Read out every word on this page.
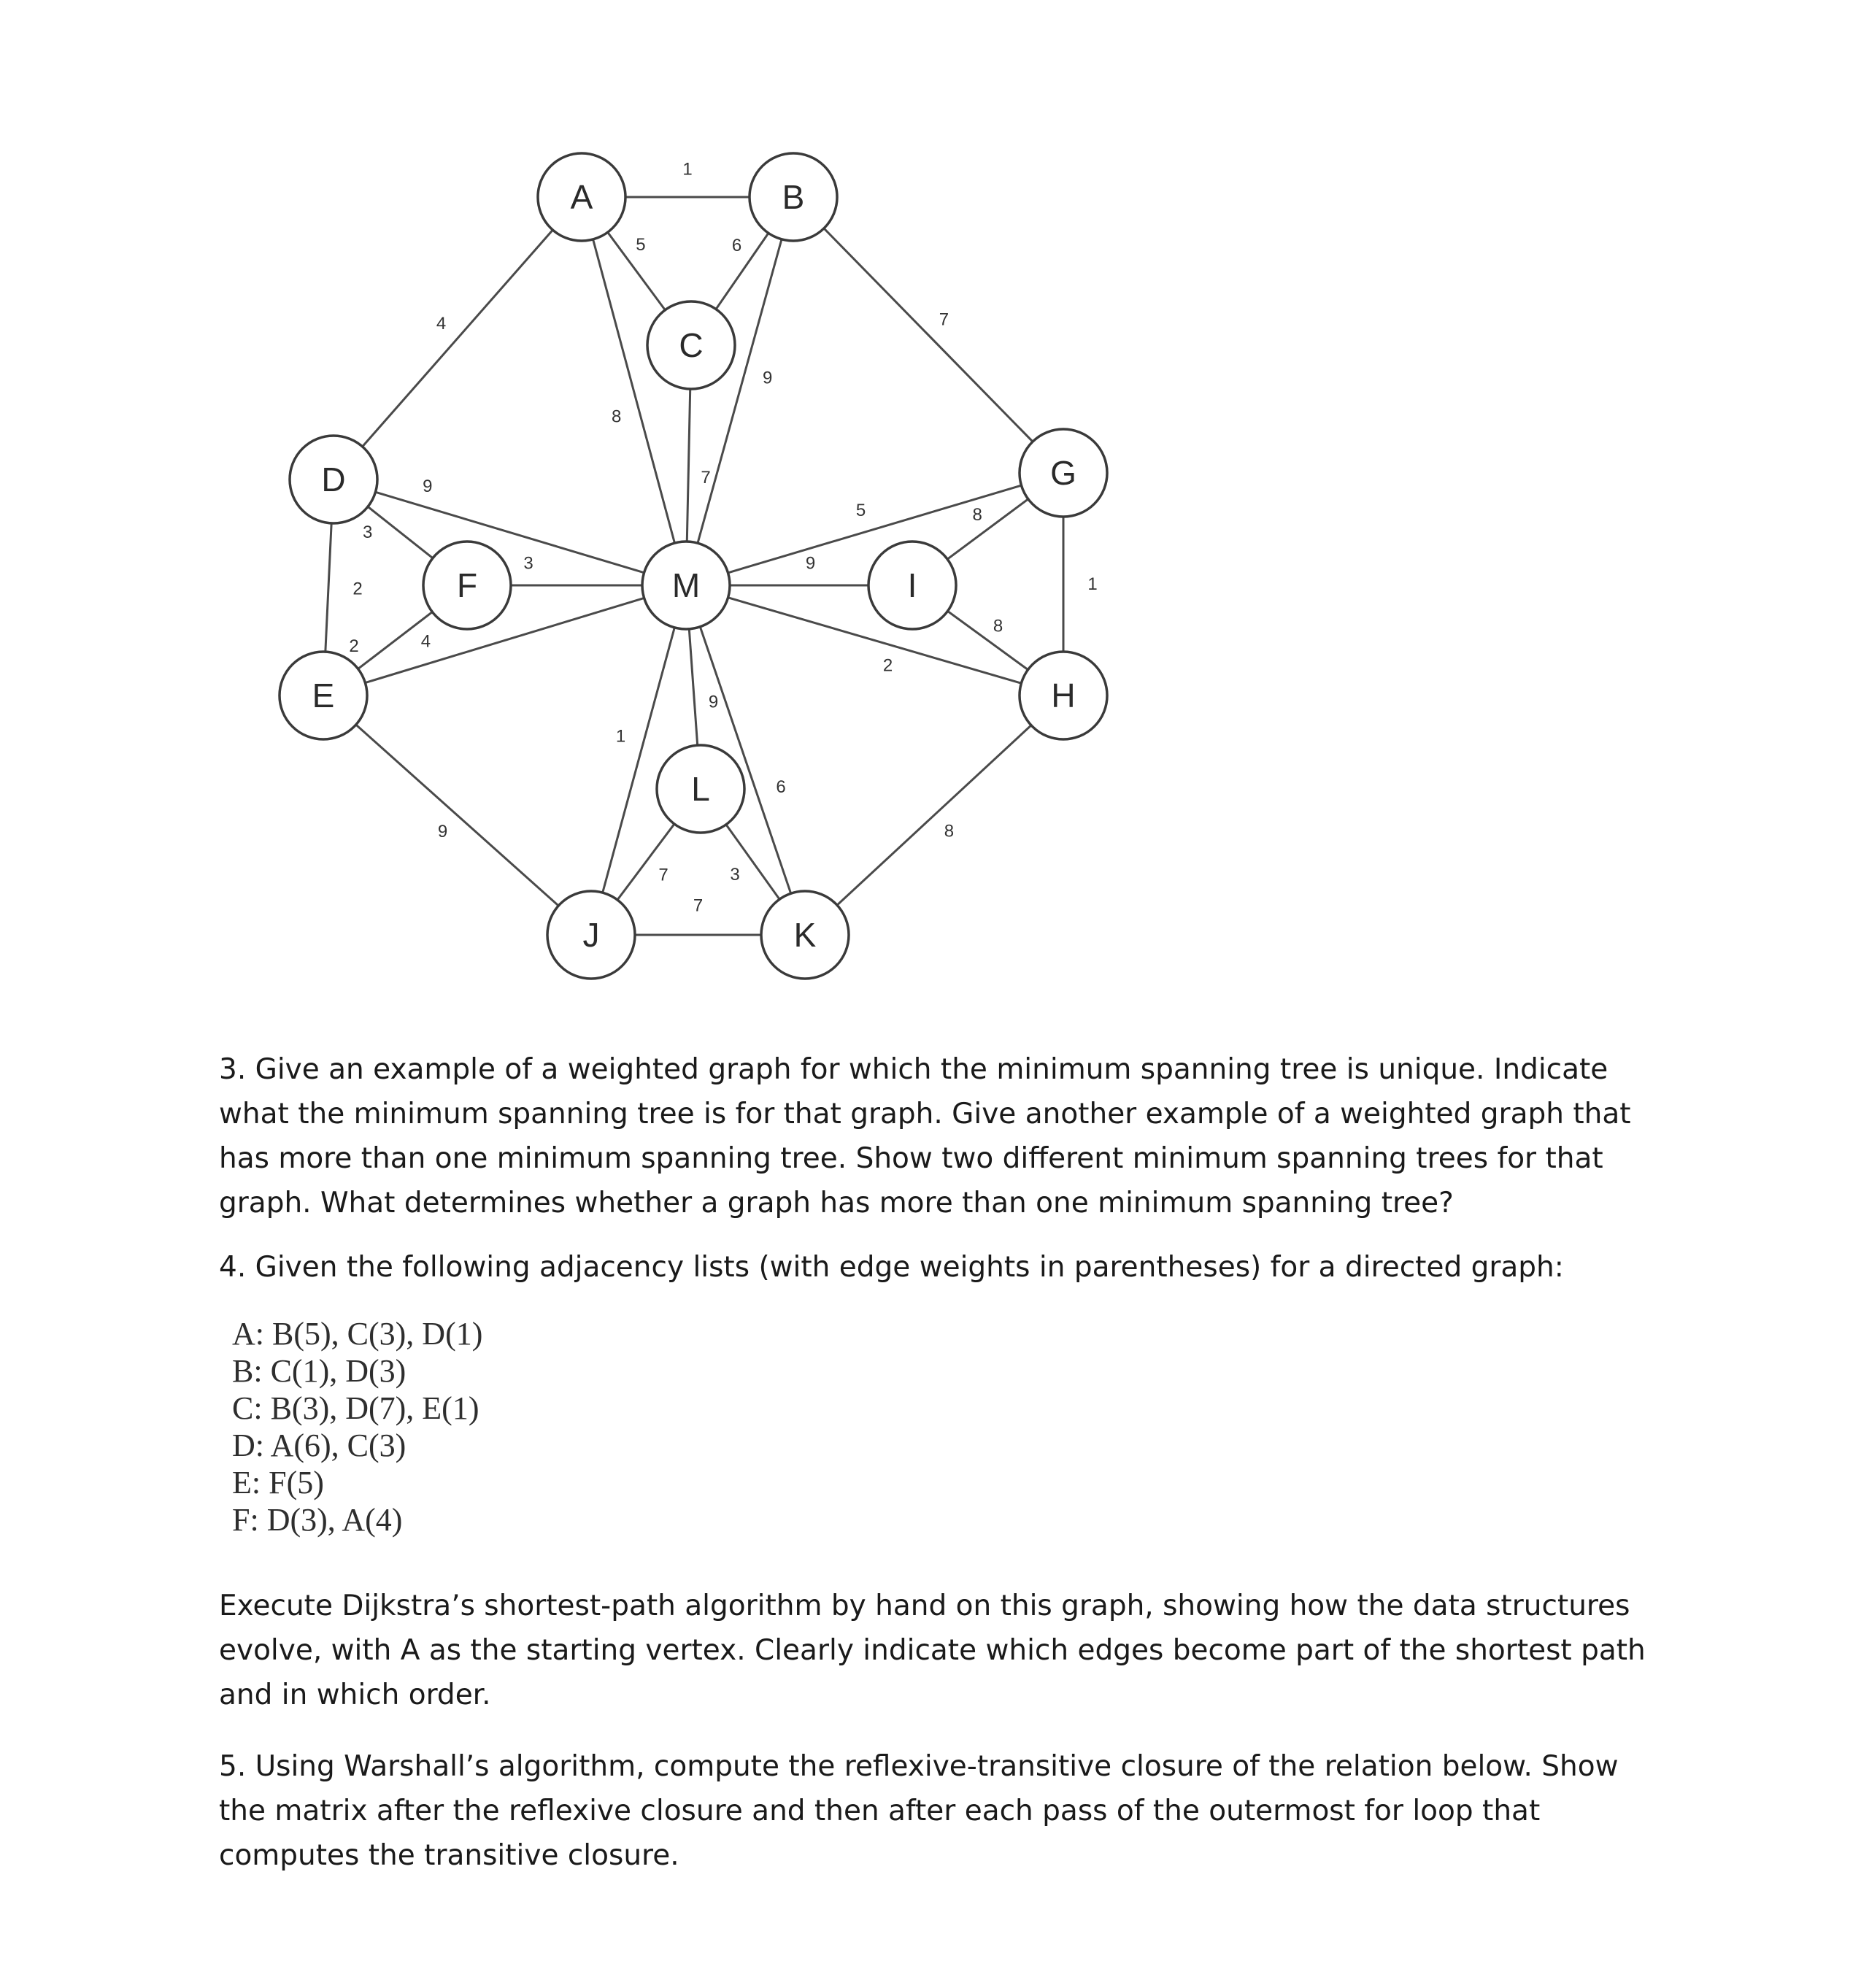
1
5	6
4	7
8
9
7
9
3
2
3
2	4
5
9
2
8
8
1
9
1
6
9	8
7	3
7
A	B
C
D	G
F	M	I
E	H
L
J	K

3. Give an example of a weighted graph for which the minimum spanning tree is unique. Indicate what the minimum spanning tree is for that graph. Give another example of a weighted graph that has more than one minimum spanning tree. Show two different minimum spanning trees for that graph. What determines whether a graph has more than one minimum spanning tree?

4. Given the following adjacency lists (with edge weights in parentheses) for a directed graph:

A: B(5), C(3), D(1)
B: C(1), D(3)
C: B(3), D(7), E(1)
D: A(6), C(3)
E: F(5)
F: D(3), A(4)

Execute Dijkstra’s shortest-path algorithm by hand on this graph, showing how the data structures evolve, with A as the starting vertex. Clearly indicate which edges become part of the shortest path and in which order.

5. Using Warshall’s algorithm, compute the reflexive-transitive closure of the relation below. Show the matrix after the reflexive closure and then after each pass of the outermost for loop that computes the transitive closure.
